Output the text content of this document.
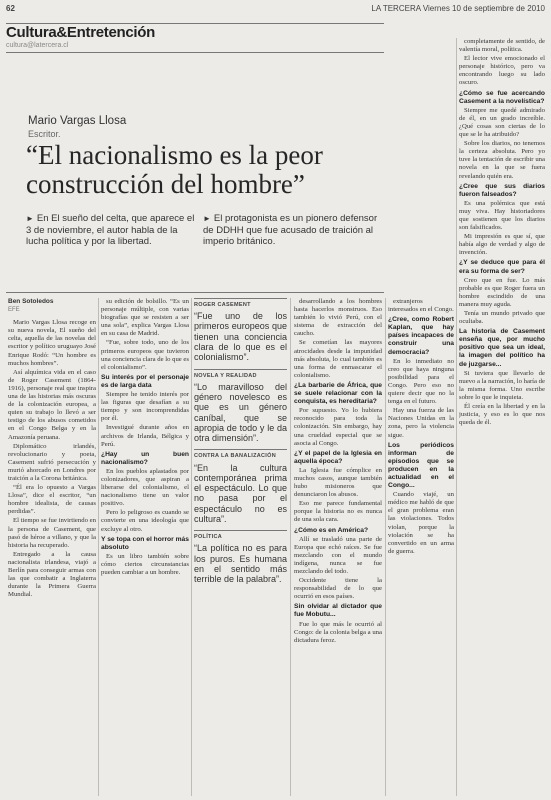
62	LA TERCERA Viernes 10 de septiembre de 2010
Cultura&Entretención
cultura@latercera.cl
Mario Vargas Llosa
Escritor.
“El nacionalismo es la peor construcción del hombre”
► En El sueño del celta, que aparece el 3 de noviembre, el autor habla de la lucha política y por la libertad.
► El protagonista es un pionero defensor de DDHH que fue acusado de traición al imperio británico.

Ben Sotoledos

EFE

Mario Vargas Llosa recoge en su nueva novela, El sueño del celta, aquella de las novelas del escritor y político uruguayo José Enrique Rodó: “Un hombre es muchos hombres”.

Así alquímica vida en el caso de Roger Casement (1864-1916), personaje real que inspira una de las historias más oscuras de la colonización europea, a quien su trabajo lo llevó a ser testigo de los abusos cometidos en el Congo Belga y en la Amazonía peruana.

Diplomático irlandés, revolucionario y poeta, Casement sufrió persecución y murió ahorcado en Londres por traición a la Corona británica.

“Él era lo opuesto a Vargas Llosa”, dice el escritor, “un hombre idealista, de causas perdidas”.

El tiempo se fue invirtiendo en la persona de Casement, que pasó de héroe a villano, y que la historia ha recuperado.

Entregado a la causa nacionalista irlandesa, viajó a Berlín para conseguir armas con las que combatir a Inglaterra durante la Primera Guerra Mundial.

su edición de bolsillo. “Es un personaje múltiple, con varias biografías que se resisten a ser una sola”, explica Vargas Llosa en su casa de Madrid.

“Fue, sobre todo, uno de los primeros europeos que tuvieron una conciencia clara de lo que es el colonialismo”.

Su interés por el personaje es de larga data

Siempre he tenido interés por las figuras que desafían a su tiempo y son incomprendidas por él.

Investigué durante años en archivos de Irlanda, Bélgica y Perú.

¿Hay un buen nacionalismo?

En los pueblos aplastados por colonizadores, que aspiran a liberarse del colonialismo, el nacionalismo tiene un valor positivo.

Pero lo peligroso es cuando se convierte en una ideología que excluye al otro.

Y se topa con el horror más absoluto

Es un libro también sobre cómo ciertos circunstancias pueden cambiar a un hombre.

ROGER CASEMENT
“Fue uno de los primeros europeos que tienen una conciencia clara de lo que es el colonialismo”.
NOVELA Y REALIDAD
“Lo maravilloso del género novelesco es que es un género caníbal, que se apropia de todo y le da otra dimensión”.
CONTRA LA BANALIZACIÓN
“En la cultura contemporánea prima el espectáculo. Lo que no pasa por el espectáculo no es cultura”.
POLÍTICA
“La política no es para los puros. Es humana en el sentido más terrible de la palabra”.

desarrollando a los hombres hasta hacerlos monstruos. Eso también lo vivió Perú, con el sistema de extracción del caucho.

Se cometían las mayores atrocidades desde la impunidad más absoluta, lo cual también es una forma de enmascarar el colonialismo.

¿La barbarie de África, que se suele relacionar con la conquista, es hereditaria?

Por supuesto. Yo lo hubiera reconocido para toda la colonización. Sin embargo, hay una crueldad especial que se asocia al Congo.

¿Y el papel de la Iglesia en aquella época?

La Iglesia fue cómplice en muchos casos, aunque también hubo misioneros que denunciaron los abusos.

Eso me parece fundamental porque la historia no es nunca de una sola cara.

¿Cómo es en América?

Allí se trasladó una parte de Europa que echó raíces. Se fue mezclando con el mundo indígena, nunca se fue mezclando del todo.

Occidente tiene la responsabilidad de lo que ocurrió en esos países.

Sin olvidar al dictador que fue Mobutu...

Fue lo que más le ocurrió al Congo: de la colonia belga a una dictadura feroz.

extranjeros interesados en el Congo.

¿Cree, como Robert Kaplan, que hay países incapaces de construir una democracia?

En lo inmediato no creo que haya ninguna posibilidad para el Congo. Pero eso no quiere decir que no la tenga en el futuro.

Hay una fuerza de las Naciones Unidas en la zona, pero la violencia sigue.

Los periódicos informan de episodios que se producen en la actualidad en el Congo...

Cuando viajé, un médico me habló de que el gran problema eran las violaciones. Todos violan, porque la violación se ha convertido en un arma de guerra.

completamente de sentido, de valentía moral, política.

El lector vive emocionado el personaje histórico, pero va encontrando luego su lado oscuro.

¿Cómo se fue acercando Casement a la novelística?

Siempre me quedé admirado de él, en un grado increíble. ¿Qué cosas son ciertas de lo que se le ha atribuido?

Sobre los diarios, no tenemos la certeza absoluta. Pero yo tuve la tentación de escribir una novela en la que se fuera revelando quién era.

¿Cree que sus diarios fueron falseados?

Es una polémica que está muy viva. Hay historiadores que sostienen que los diarios son falsificados.

Mi impresión es que sí, que había algo de verdad y algo de invención.

¿Y se deduce que para él era su forma de ser?

Creo que en fue. Lo más probable es que Roger fuera un hombre escindido de una manera muy aguda.

Tenía un mundo privado que ocultaba.

La historia de Casement enseña que, por mucho positivo que sea un ideal, la imagen del político ha de juzgarse...

Si tuviera que llevarlo de nuevo a la narración, lo haría de la misma forma. Uno escribe sobre lo que le inquieta.

Él creía en la libertad y en la justicia, y eso es lo que nos queda de él.
